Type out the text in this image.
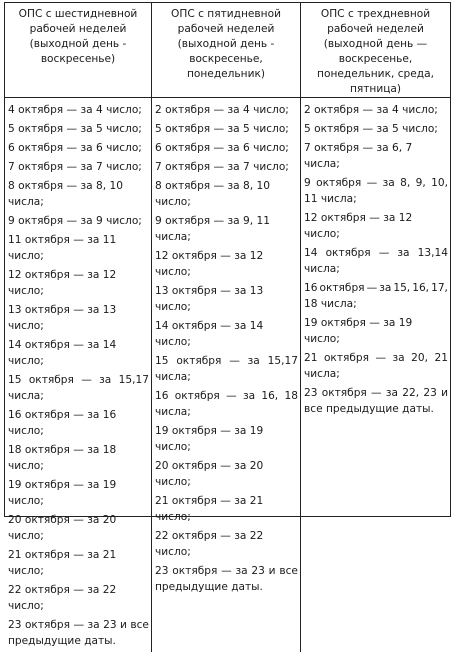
ОПС с шестидневной
рабочей неделей
(выходной день -
воскресенье)
ОПС с пятидневной
рабочей неделей
(выходной день -
воскресенье,
понедельник)
ОПС с трехдневной
рабочей неделей
(выходной день —
воскресенье,
понедельник, среда,
пятница)
4 октября — за 4 число;
5 октября — за 5 число;
6 октября — за 6 число;
7 октября — за 7 число;
8 октября — за 8, 10 числа;
9 октября — за 9 число;
11 октября — за 11 число;
12 октября — за 12 число;
13 октября — за 13 число;
14 октября — за 14 число;
15 октября — за 15,17
числа;
16 октября — за 16 число;
18 октября — за 18 число;
19 октября — за 19 число;
20 октября — за 20 число;
21 октября — за 21 число;
22 октября — за 22 число;
23 октября — за 23 и все
предыдущие даты.
2 октября — за 4 число;
5 октября — за 5 число;
6 октября — за 6 число;
7 октября — за 7 число;
8 октября — за 8, 10 число;
9 октября — за 9, 11 числа;
12 октября — за 12 число;
13 октября — за 13 число;
14 октября — за 14 число;
15 октября — за 15,17
числа;
16 октября — за 16, 18
числа;
19 октября — за 19 число;
20 октября — за 20 число;
21 октября — за 21 число;
22 октября — за 22 число;
23 октября — за 23 и все
предыдущие даты.
2 октября — за 4 число;
5 октября — за 5 число;
7 октября — за 6, 7 числа;
9 октября — за 8, 9, 10,
11 числа;
12 октября — за 12 число;
14 октября — за 13,14
числа;
16 октября — за 15, 16, 17,
18 числа;
19 октября — за 19 число;
21 октября — за 20, 21
числа;
23 октября — за 22, 23 и
все предыдущие даты.
